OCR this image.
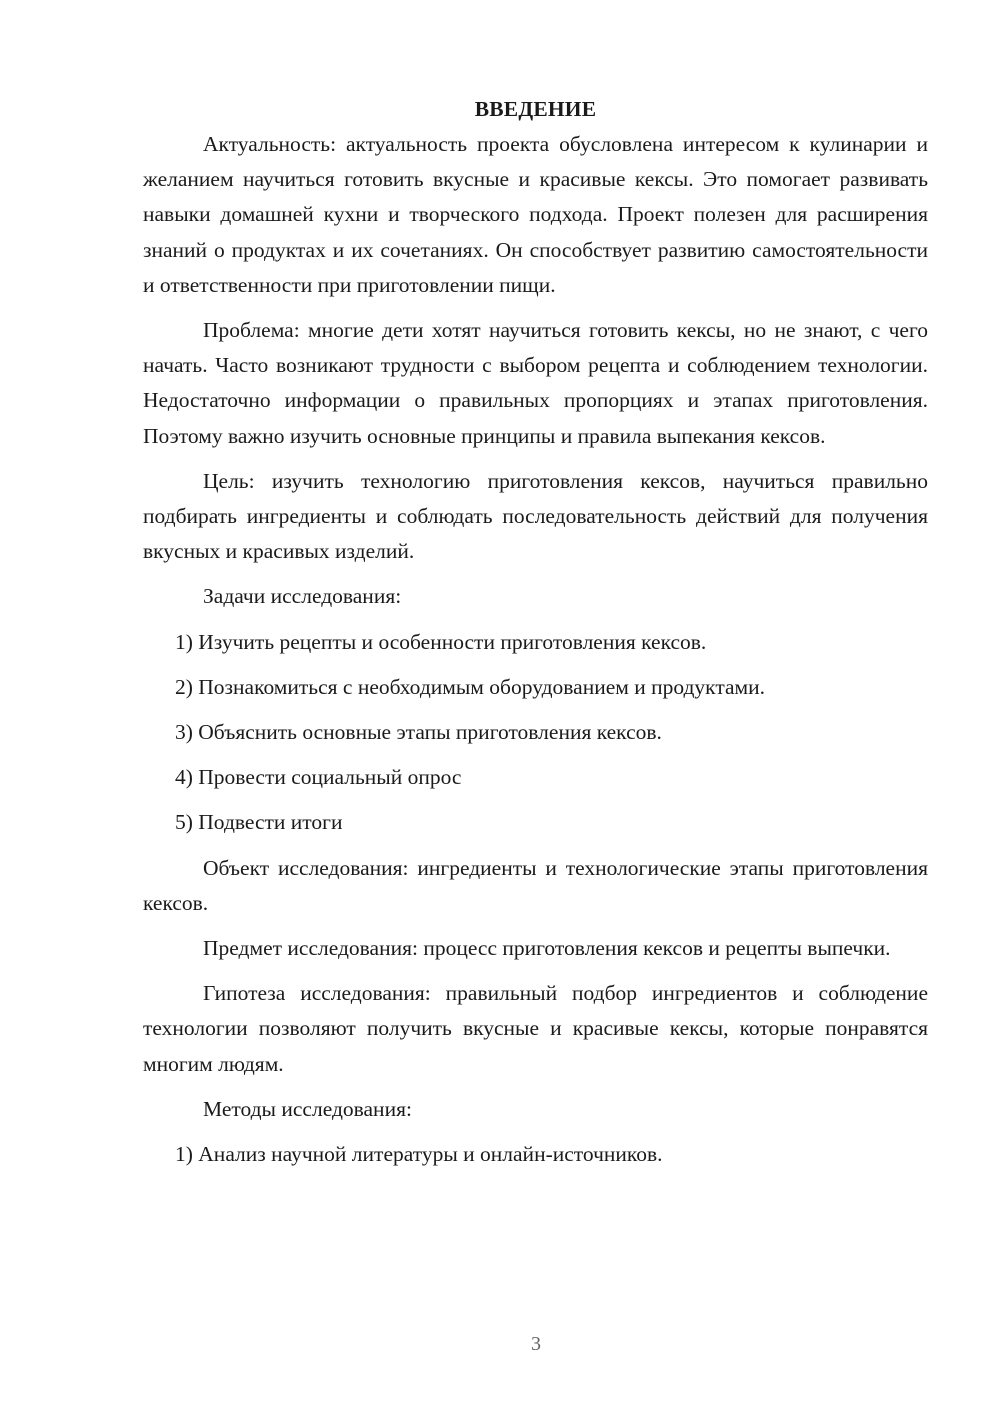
ВВЕДЕНИЕ

Актуальность: актуальность проекта обусловлена интересом к кулинарии и желанием научиться готовить вкусные и красивые кексы. Это помогает развивать навыки домашней кухни и творческого подхода. Проект полезен для расширения знаний о продуктах и их сочетаниях. Он способствует развитию самостоятельности и ответственности при приготовлении пищи.

Проблема: многие дети хотят научиться готовить кексы, но не знают, с чего начать. Часто возникают трудности с выбором рецепта и соблюдением технологии. Недостаточно информации о правильных пропорциях и этапах приготовления. Поэтому важно изучить основные принципы и правила выпекания кексов.

Цель: изучить технологию приготовления кексов, научиться правильно подбирать ингредиенты и соблюдать последовательность действий для получения вкусных и красивых изделий.

Задачи исследования:

1) Изучить рецепты и особенности приготовления кексов.

2) Познакомиться с необходимым оборудованием и продуктами.

3) Объяснить основные этапы приготовления кексов.

4) Провести социальный опрос

5) Подвести итоги

Объект исследования: ингредиенты и технологические этапы приготовления кексов.

Предмет исследования: процесс приготовления кексов и рецепты выпечки.

Гипотеза исследования: правильный подбор ингредиентов и соблюдение технологии позволяют получить вкусные и красивые кексы, которые понравятся многим людям.

Методы исследования:

1) Анализ научной литературы и онлайн-источников.

3
